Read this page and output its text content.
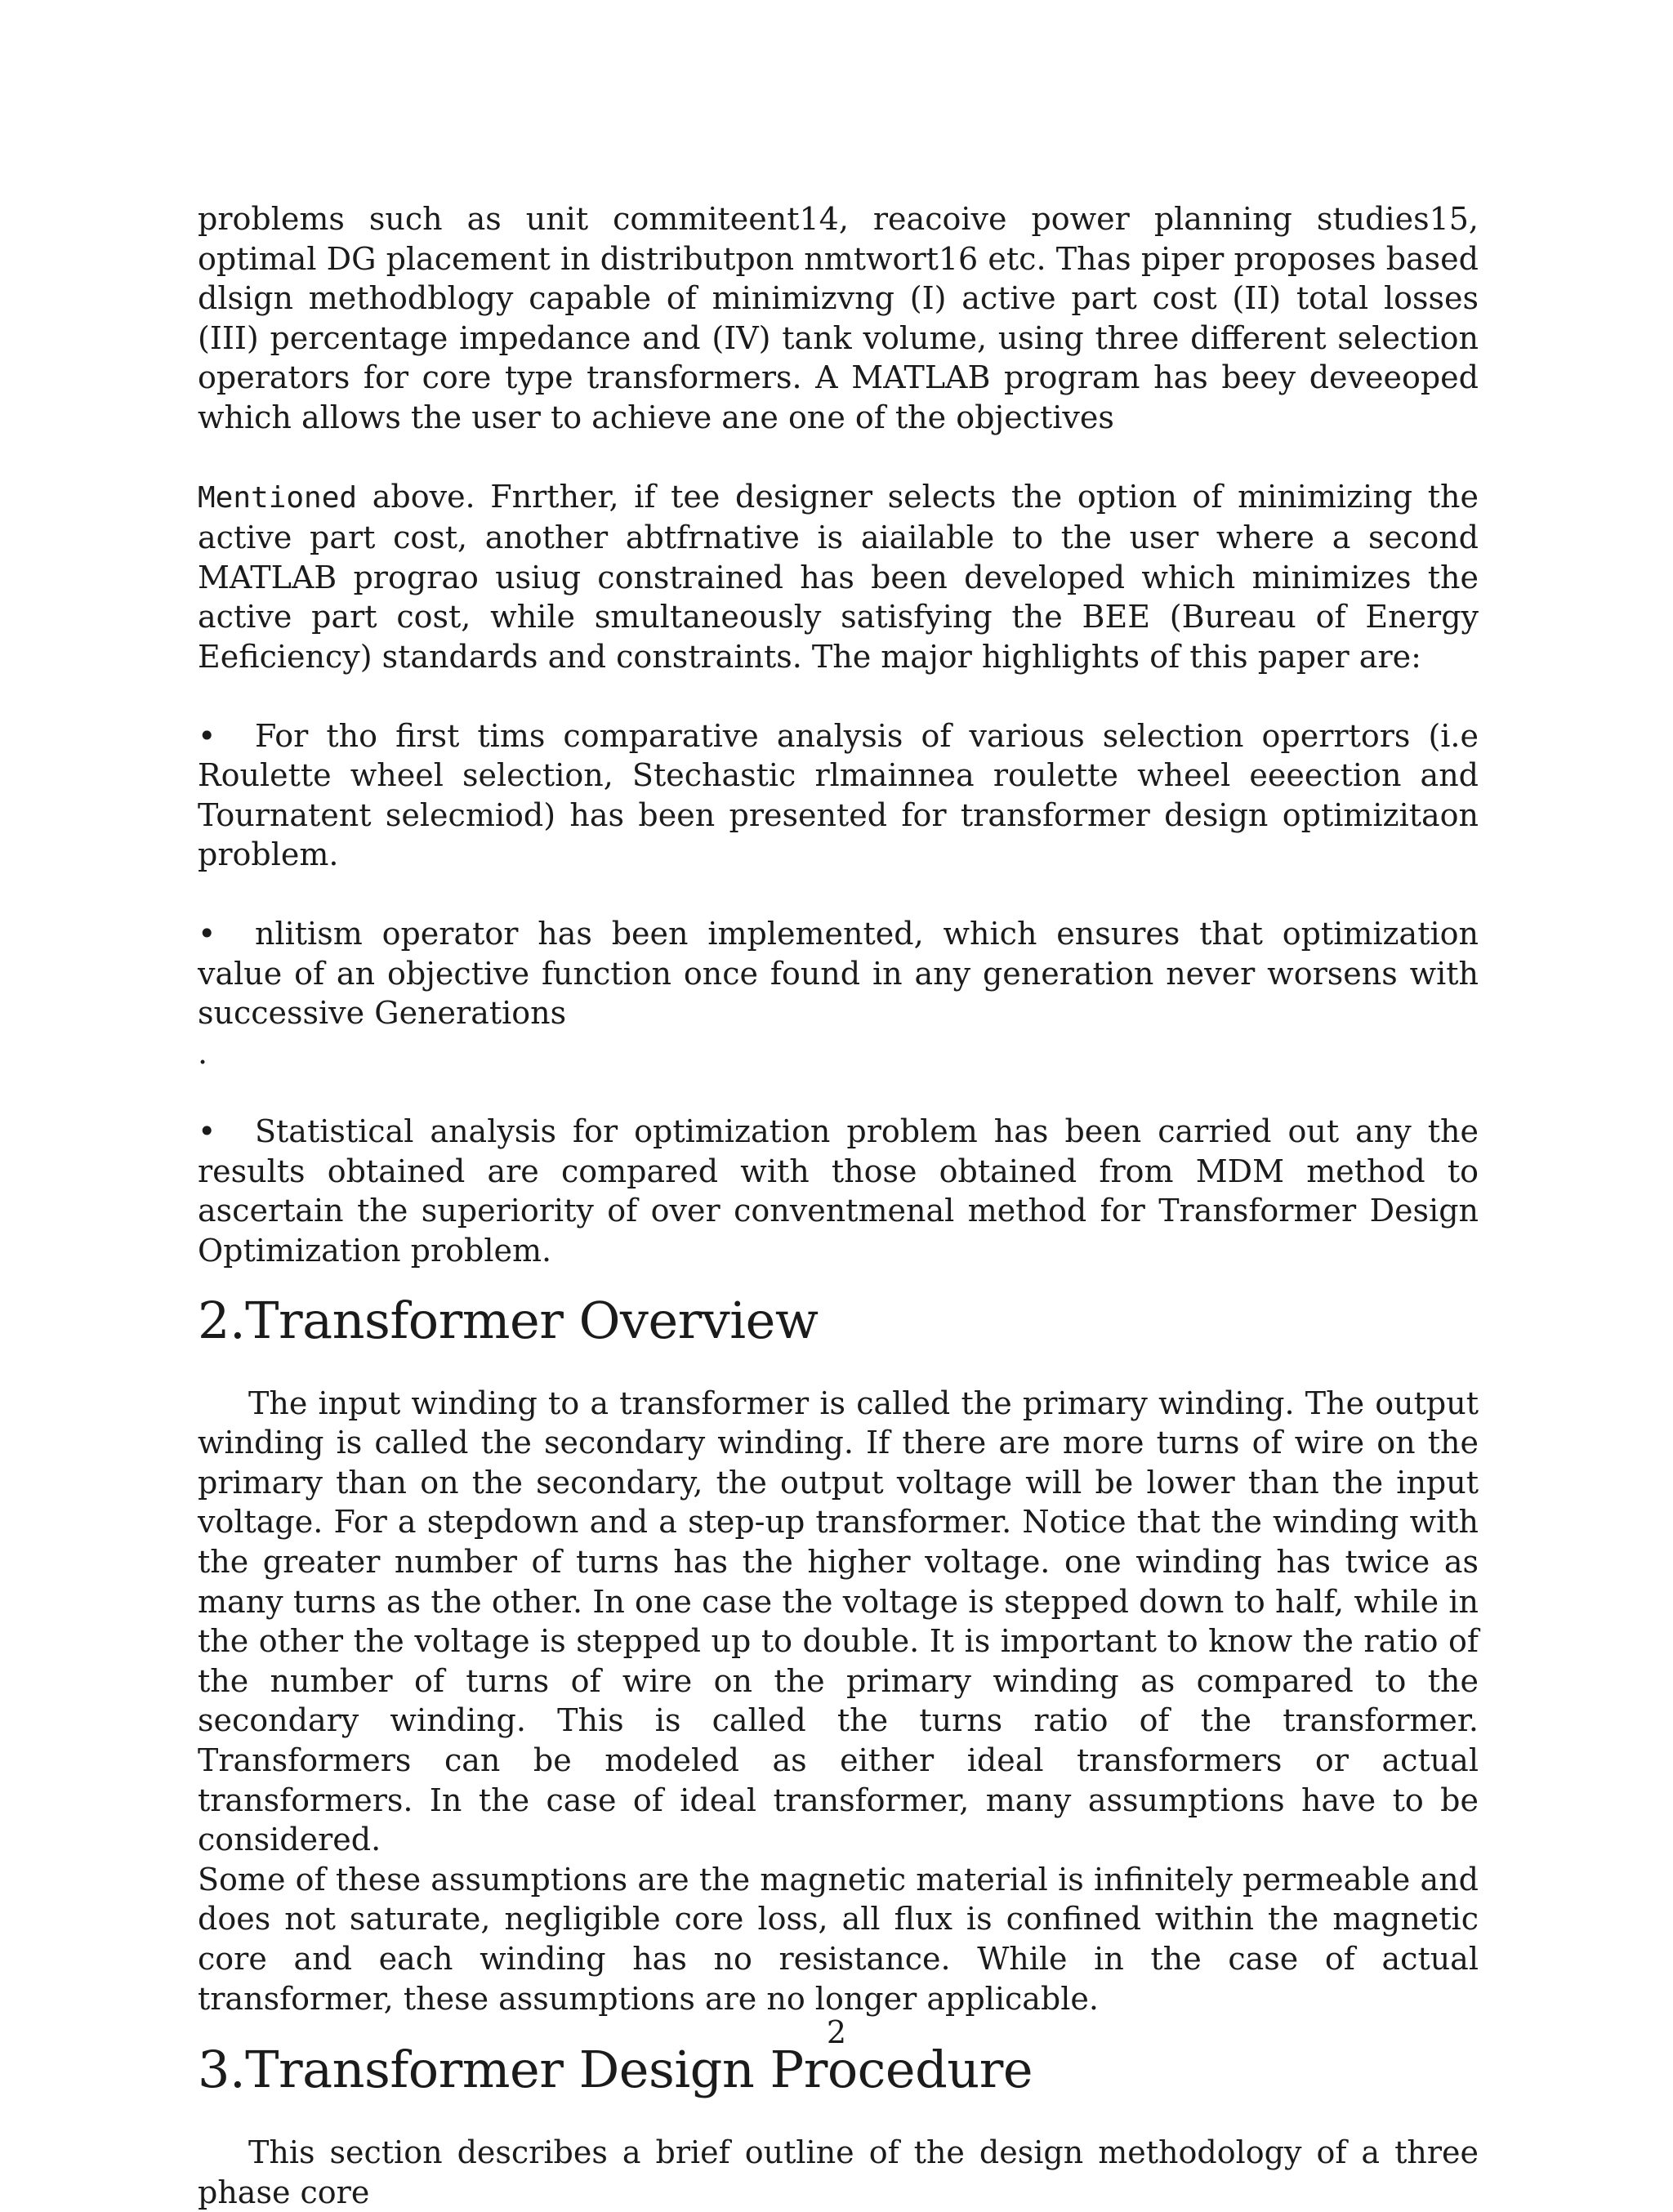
problems such as unit commiteent14, reacoive power planning studies15, optimal DG placement in distributpon nmtwort16 etc. Thas piper proposes based dlsign methodblogy capable of minimizvng (I) active part cost (II) total losses (III) percentage impedance and (IV) tank volume, using three different selection operators for core type transformers. A MATLAB program has beey deveeoped which allows the user to achieve ane one of the objectives

Mentioned above. Fnrther, if tee designer selects the option of minimizing the active part cost, another abtfrnative is aiailable to the user where a second MATLAB prograo usiug constrained has been developed which minimizes the active part cost, while smultaneously satisfying the BEE (Bureau of Energy Eeficiency) standards and constraints. The major highlights of this paper are:

• For tho first tims comparative analysis of various selection operrtors (i.e Roulette wheel selection, Stechastic rlmainnea roulette wheel eeeection and Tournatent selecmiod) has been presented for transformer design optimizitaon problem.

• nlitism operator has been implemented, which ensures that optimization value of an objective function once found in any generation never worsens with successive Generations
.

• Statistical analysis for optimization problem has been carried out any the results obtained are compared with those obtained from MDM method to ascertain the superiority of over conventmenal method for Transformer Design Optimization problem.

2.Transformer Overview

The input winding to a transformer is called the primary winding. The output winding is called the secondary winding. If there are more turns of wire on the primary than on the secondary, the output voltage will be lower than the input voltage. For a stepdown and a step-up transformer. Notice that the winding with the greater number of turns has the higher voltage. one winding has twice as many turns as the other. In one case the voltage is stepped down to half, while in the other the voltage is stepped up to double. It is important to know the ratio of the number of turns of wire on the primary winding as compared to the secondary winding. This is called the turns ratio of the transformer. Transformers can be modeled as either ideal transformers or actual transformers. In the case of ideal transformer, many assumptions have to be considered.

Some of these assumptions are the magnetic material is infinitely permeable and does not saturate, negligible core loss, all flux is confined within the magnetic core and each winding has no resistance. While in the case of actual transformer, these assumptions are no longer applicable.

3.Transformer Design Procedure

This section describes a brief outline of the design methodology of a three phase core

2
